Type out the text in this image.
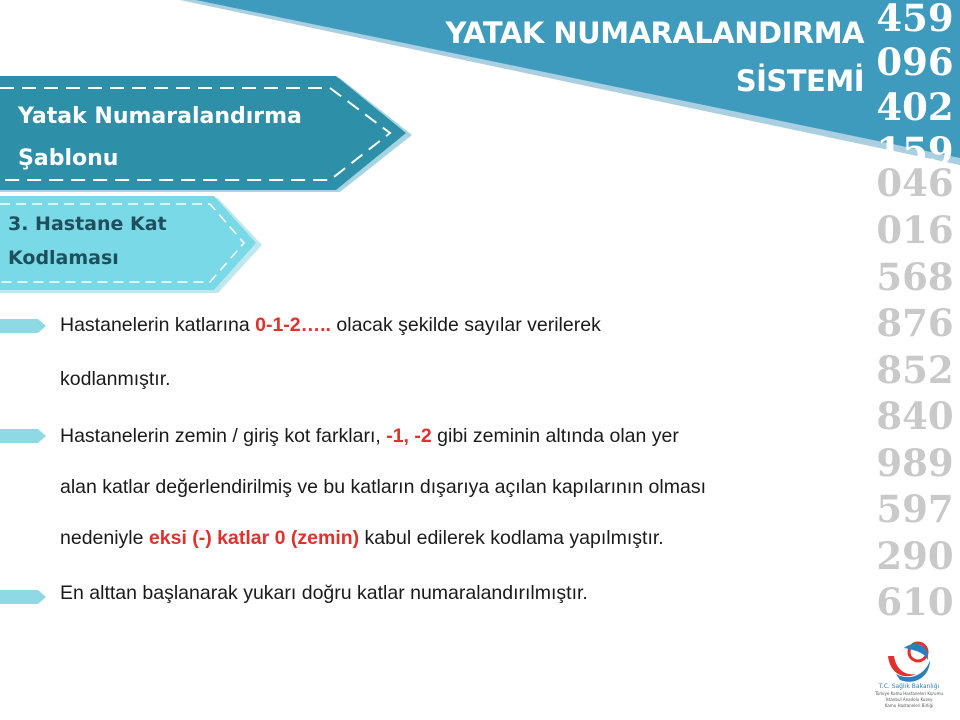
YATAK NUMARALANDIRMA
SİSTEMİ
459
096
402
159
046
016
568
876
852
840
989
597
290
610
Yatak Numaralandırma
Şablonu
3. Hastane Kat
Kodlaması
Hastanelerin katlarına 0-1-2….. olacak şekilde sayılar verilerek
kodlanmıştır.
Hastanelerin zemin / giriş kot farkları, -1, -2 gibi zeminin altında olan yer
alan katlar değerlendirilmiş ve bu katların dışarıya açılan kapılarının olması
nedeniyle eksi (-) katlar 0 (zemin) kabul edilerek kodlama yapılmıştır.
En alttan başlanarak yukarı doğru katlar numaralandırılmıştır.
T.C. Sağlık Bakanlığı
Türkiye Kamu Hastaneleri Kurumu
İstanbul Anadolu Kuzey
Kamu Hastaneleri Birliği
